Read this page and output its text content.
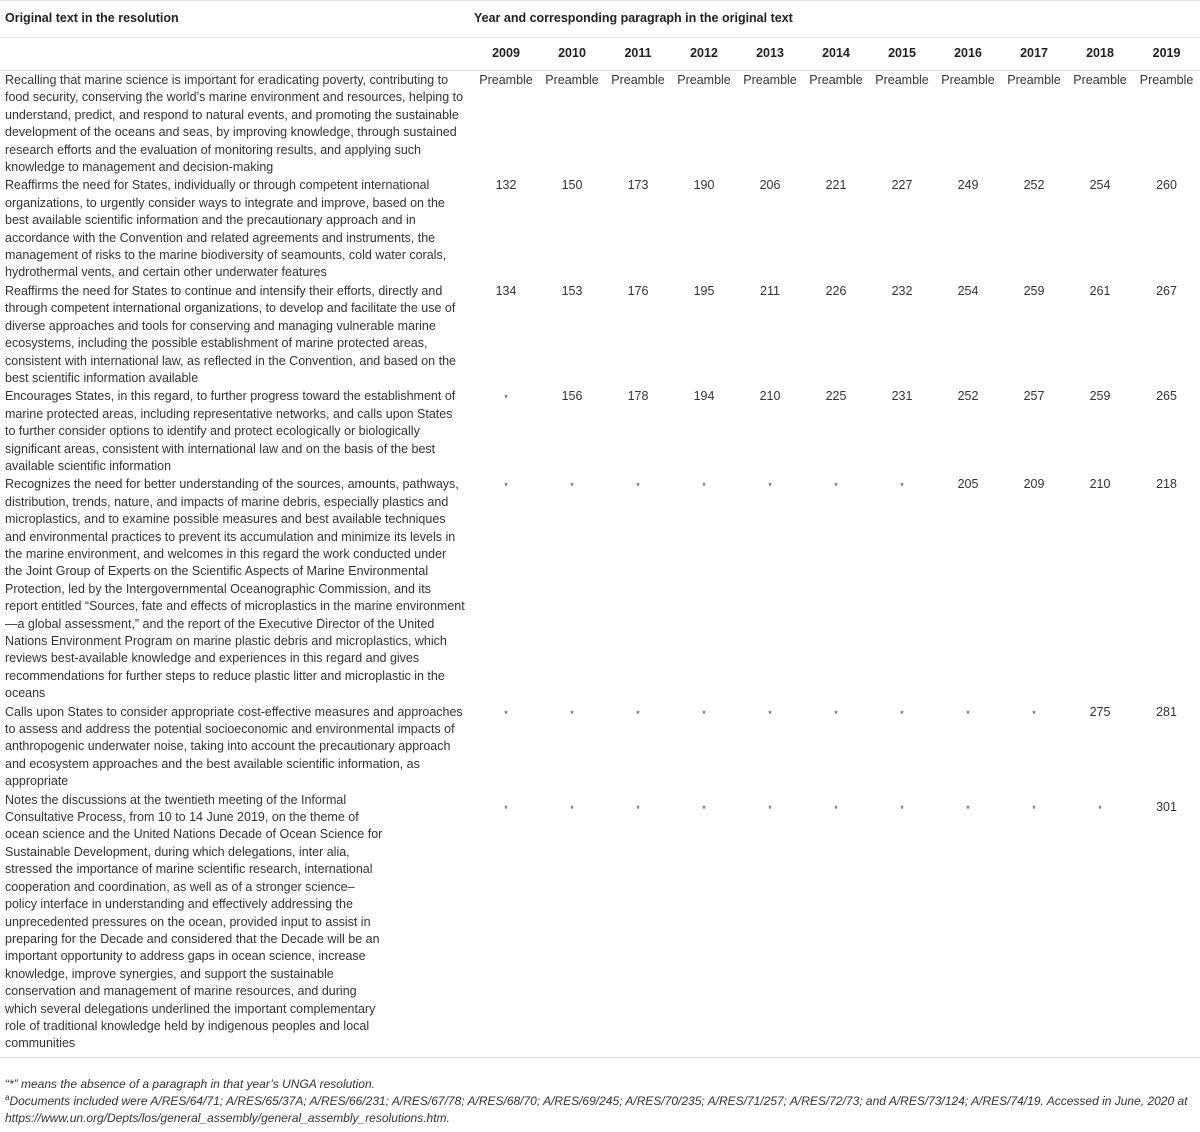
Original text in the resolution	Year and corresponding paragraph in the original text										
	2009	2010	2011	2012	2013	2014	2015	2016	2017	2018	2019
Recalling that marine science is important for eradicating poverty, contributing to food security, conserving the world’s marine environment and resources, helping to understand, predict, and respond to natural events, and promoting the sustainable development of the oceans and seas, by improving knowledge, through sustained research efforts and the evaluation of monitoring results, and applying such knowledge to management and decision-making	Preamble	Preamble	Preamble	Preamble	Preamble	Preamble	Preamble	Preamble	Preamble	Preamble	Preamble
Reaffirms the need for States, individually or through competent international organizations, to urgently consider ways to integrate and improve, based on the best available scientific information and the precautionary approach and in accordance with the Convention and related agreements and instruments, the management of risks to the marine biodiversity of seamounts, cold water corals, hydrothermal vents, and certain other underwater features	132	150	173	190	206	221	227	249	252	254	260
Reaffirms the need for States to continue and intensify their efforts, directly and through competent international organizations, to develop and facilitate the use of diverse approaches and tools for conserving and managing vulnerable marine ecosystems, including the possible establishment of marine protected areas, consistent with international law, as reflected in the Convention, and based on the best scientific information available	134	153	176	195	211	226	232	254	259	261	267
Encourages States, in this regard, to further progress toward the establishment of marine protected areas, including representative networks, and calls upon States to further consider options to identify and protect ecologically or biologically significant areas, consistent with international law and on the basis of the best available scientific information	*	156	178	194	210	225	231	252	257	259	265
Recognizes the need for better understanding of the sources, amounts, pathways, distribution, trends, nature, and impacts of marine debris, especially plastics and microplastics, and to examine possible measures and best available techniques and environmental practices to prevent its accumulation and minimize its levels in the marine environment, and welcomes in this regard the work conducted under the Joint Group of Experts on the Scientific Aspects of Marine Environmental Protection, led by the Intergovernmental Oceanographic Commission, and its report entitled “Sources, fate and effects of microplastics in the marine environment—a global assessment,” and the report of the Executive Director of the United Nations Environment Program on marine plastic debris and microplastics, which reviews best-available knowledge and experiences in this regard and gives recommendations for further steps to reduce plastic litter and microplastic in the oceans	*	*	*	*	*	*	*	205	209	210	218
Calls upon States to consider appropriate cost-effective measures and approaches to assess and address the potential socioeconomic and environmental impacts of anthropogenic underwater noise, taking into account the precautionary approach and ecosystem approaches and the best available scientific information, as appropriate	*	*	*	*	*	*	*	*	*	275	281
Notes the discussions at the twentieth meeting of the Informal Consultative Process, from 10 to 14 June 2019, on the theme of ocean science and the United Nations Decade of Ocean Science for Sustainable Development, during which delegations, inter alia, stressed the importance of marine scientific research, international cooperation and coordination, as well as of a stronger science–policy interface in understanding and effectively addressing the unprecedented pressures on the ocean, provided input to assist in preparing for the Decade and considered that the Decade will be an important opportunity to address gaps in ocean science, increase knowledge, improve synergies, and support the sustainable conservation and management of marine resources, and during which several delegations underlined the important complementary role of traditional knowledge held by indigenous peoples and local communities	*	*	*	*	*	*	*	*	*	*	301
“*” means the absence of a paragraph in that year’s UNGA resolution.
$^a$Documents included were A/RES/64/71; A/RES/65/37A; A/RES/66/231; A/RES/67/78; A/RES/68/70; A/RES/69/245; A/RES/70/235; A/RES/71/257; A/RES/72/73; and A/RES/73/124; A/RES/74/19. Accessed in June, 2020 at https://www.un.org/Depts/los/general_assembly/general_assembly_resolutions.htm.
